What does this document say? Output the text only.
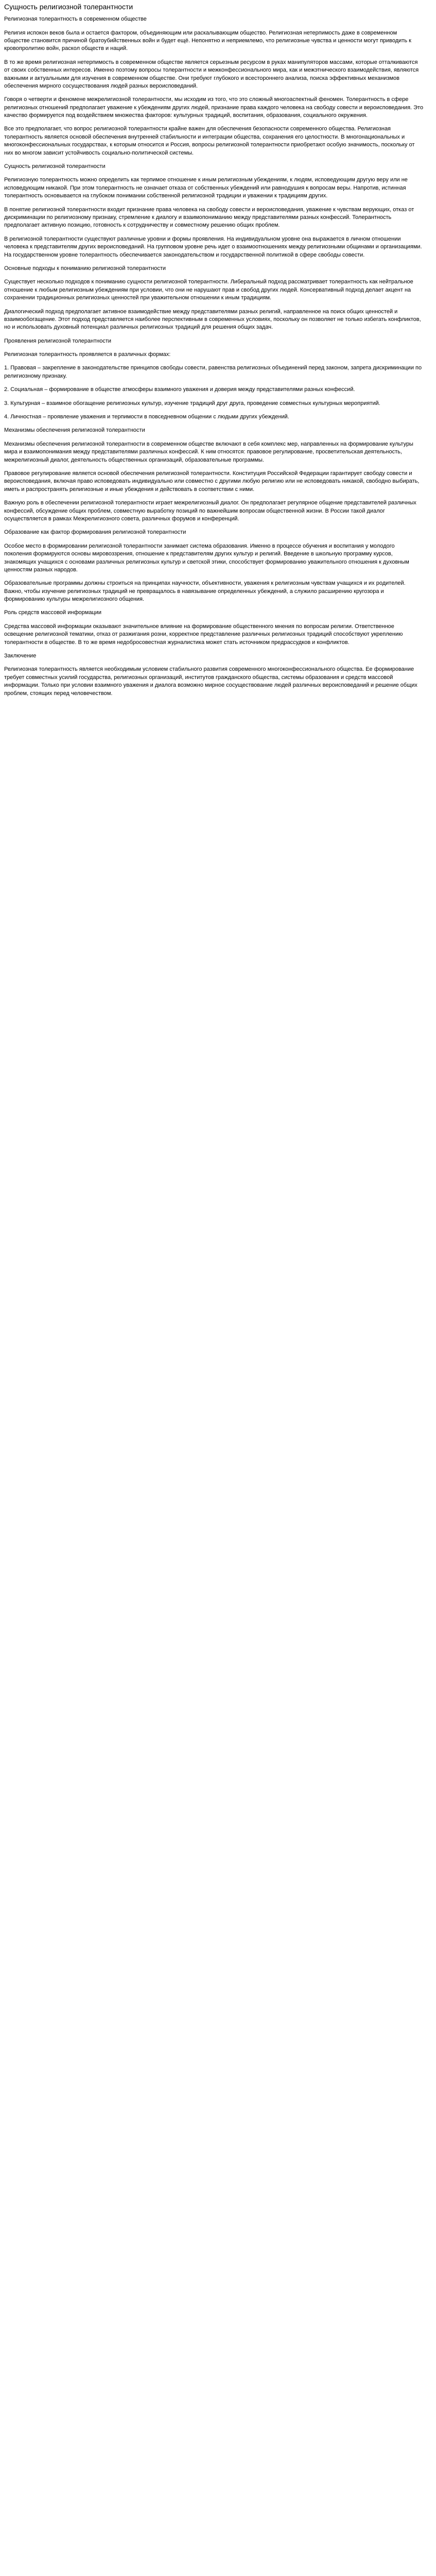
Сущность религиозной толерантности

Религиозная толерантность в современном обществе

Религия испокон веков была и остается фактором, объединяющим или раскалывающим общество. Религиозная нетерпимость даже в современном обществе становится причиной братоубийственных войн и будет ещё. Непонятно и неприемлемо, что религиозные чувства и ценности могут приводить к кровопролитию войн, раскол обществ и наций.

В то же время религиозная нетерпимость в современном обществе является серьезным ресурсом в руках манипуляторов массами, которые отталкиваются от своих собственных интересов. Именно поэтому вопросы толерантности и межконфессионального мира, как и межэтнического взаимодействия, являются важными и актуальными для изучения в современном обществе. Они требуют глубокого и всестороннего анализа, поиска эффективных механизмов обеспечения мирного сосуществования людей разных вероисповеданий.

Говоря о четверти и феномене межрелигиозной толерантности, мы исходим из того, что это сложный многоаспектный феномен. Толерантность в сфере религиозных отношений предполагает уважение к убеждениям других людей, признание права каждого человека на свободу совести и вероисповедания. Это качество формируется под воздействием множества факторов: культурных традиций, воспитания, образования, социального окружения.

Все это предполагает, что вопрос религиозной толерантности крайне важен для обеспечения безопасности современного общества. Религиозная толерантность является основой обеспечения внутренней стабильности и интеграции общества, сохранения его целостности. В многонациональных и многоконфессиональных государствах, к которым относится и Россия, вопросы религиозной толерантности приобретают особую значимость, поскольку от них во многом зависит устойчивость социально-политической системы.

Сущность религиозной толерантности

Религиозную толерантность можно определить как терпимое отношение к иным религиозным убеждениям, к людям, исповедующим другую веру или не исповедующим никакой. При этом толерантность не означает отказа от собственных убеждений или равнодушия к вопросам веры. Напротив, истинная толерантность основывается на глубоком понимании собственной религиозной традиции и уважении к традициям других.

В понятие религиозной толерантности входит признание права человека на свободу совести и вероисповедания, уважение к чувствам верующих, отказ от дискриминации по религиозному признаку, стремление к диалогу и взаимопониманию между представителями разных конфессий. Толерантность предполагает активную позицию, готовность к сотрудничеству и совместному решению общих проблем.

В религиозной толерантности существуют различные уровни и формы проявления. На индивидуальном уровне она выражается в личном отношении человека к представителям других вероисповеданий. На групповом уровне речь идет о взаимоотношениях между религиозными общинами и организациями. На государственном уровне толерантность обеспечивается законодательством и государственной политикой в сфере свободы совести.

Основные подходы к пониманию религиозной толерантности

Существует несколько подходов к пониманию сущности религиозной толерантности. Либеральный подход рассматривает толерантность как нейтральное отношение к любым религиозным убеждениям при условии, что они не нарушают прав и свобод других людей. Консервативный подход делает акцент на сохранении традиционных религиозных ценностей при уважительном отношении к иным традициям.

Диалогический подход предполагает активное взаимодействие между представителями разных религий, направленное на поиск общих ценностей и взаимообогащение. Этот подход представляется наиболее перспективным в современных условиях, поскольку он позволяет не только избегать конфликтов, но и использовать духовный потенциал различных религиозных традиций для решения общих задач.

Проявления религиозной толерантности

Религиозная толерантность проявляется в различных формах:

1. Правовая – закрепление в законодательстве принципов свободы совести, равенства религиозных объединений перед законом, запрета дискриминации по религиозному признаку.

2. Социальная – формирование в обществе атмосферы взаимного уважения и доверия между представителями разных конфессий.

3. Культурная – взаимное обогащение религиозных культур, изучение традиций друг друга, проведение совместных культурных мероприятий.

4. Личностная – проявление уважения и терпимости в повседневном общении с людьми других убеждений.

Механизмы обеспечения религиозной толерантности

Механизмы обеспечения религиозной толерантности в современном обществе включают в себя комплекс мер, направленных на формирование культуры мира и взаимопонимания между представителями различных конфессий. К ним относятся: правовое регулирование, просветительская деятельность, межрелигиозный диалог, деятельность общественных организаций, образовательные программы.

Правовое регулирование является основой обеспечения религиозной толерантности. Конституция Российской Федерации гарантирует свободу совести и вероисповедания, включая право исповедовать индивидуально или совместно с другими любую религию или не исповедовать никакой, свободно выбирать, иметь и распространять религиозные и иные убеждения и действовать в соответствии с ними.

Важную роль в обеспечении религиозной толерантности играет межрелигиозный диалог. Он предполагает регулярное общение представителей различных конфессий, обсуждение общих проблем, совместную выработку позиций по важнейшим вопросам общественной жизни. В России такой диалог осуществляется в рамках Межрелигиозного совета, различных форумов и конференций.

Образование как фактор формирования религиозной толерантности

Особое место в формировании религиозной толерантности занимает система образования. Именно в процессе обучения и воспитания у молодого поколения формируются основы мировоззрения, отношение к представителям других культур и религий. Введение в школьную программу курсов, знакомящих учащихся с основами различных религиозных культур и светской этики, способствует формированию уважительного отношения к духовным ценностям разных народов.

Образовательные программы должны строиться на принципах научности, объективности, уважения к религиозным чувствам учащихся и их родителей. Важно, чтобы изучение религиозных традиций не превращалось в навязывание определенных убеждений, а служило расширению кругозора и формированию культуры межрелигиозного общения.

Роль средств массовой информации

Средства массовой информации оказывают значительное влияние на формирование общественного мнения по вопросам религии. Ответственное освещение религиозной тематики, отказ от разжигания розни, корректное представление различных религиозных традиций способствуют укреплению толерантности в обществе. В то же время недобросовестная журналистика может стать источником предрассудков и конфликтов.

Заключение

Религиозная толерантность является необходимым условием стабильного развития современного многоконфессионального общества. Ее формирование требует совместных усилий государства, религиозных организаций, институтов гражданского общества, системы образования и средств массовой информации. Только при условии взаимного уважения и диалога возможно мирное сосуществование людей различных вероисповеданий и решение общих проблем, стоящих перед человечеством.
